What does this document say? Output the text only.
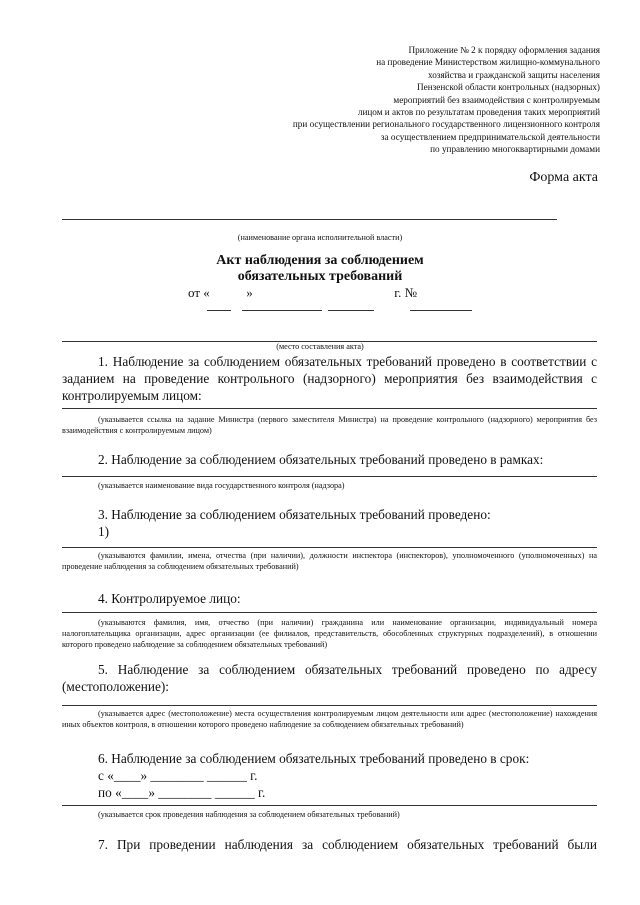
Приложение № 2 к порядку оформления задания
на проведение Министерством жилищно-коммунального
хозяйства и гражданской защиты населения
Пензенской области контрольных (надзорных)
мероприятий без взаимодействия с контролируемым
лицом и актов по результатам проведения таких мероприятий
при осуществлении регионального государственного лицензионного контроля
за осуществлением предпринимательской деятельности
по управлению многоквартирными домами
Форма акта
(наименование органа исполнительной власти)
Акт наблюдения за соблюдением
обязательных требований
от «	»	г. №
(место составления акта)
1. Наблюдение за соблюдением обязательных требований проведено в соответствии с заданием на проведение контрольного (надзорного) мероприятия без взаимодействия с контролируемым лицом:
(указывается ссылка на задание Министра (первого заместителя Министра) на проведение контрольного (надзорного) мероприятия без взаимодействия с контролируемым лицом)
2. Наблюдение за соблюдением обязательных требований проведено в рамках:
(указывается наименование вида государственного контроля (надзора)
3. Наблюдение за соблюдением обязательных требований проведено:
1)
(указываются фамилии, имена, отчества (при наличии), должности инспектора (инспекторов), уполномоченного (уполномоченных) на проведение наблюдения за соблюдением обязательных требований)
4. Контролируемое лицо:
(указываются фамилия, имя, отчество (при наличии) гражданина или наименование организации, индивидуальный номера налогоплательщика организации, адрес организации (ее филиалов, представительств, обособленных структурных подразделений), в отношении которого проведено наблюдение за соблюдением обязательных требований)
5. Наблюдение за соблюдением обязательных требований проведено по адресу (местоположение):
(указывается адрес (местоположение) места осуществления контролируемым лицом деятельности или адрес (местоположение) нахождения иных объектов контроля, в отношении которого проведено наблюдение за соблюдением обязательных требований)
6. Наблюдение за соблюдением обязательных требований проведено в срок:
с «____» ________ ______ г.
по «____» ________ ______ г.
(указывается срок проведения наблюдения за соблюдением обязательных требований)
7. При проведении наблюдения за соблюдением обязательных требований были
